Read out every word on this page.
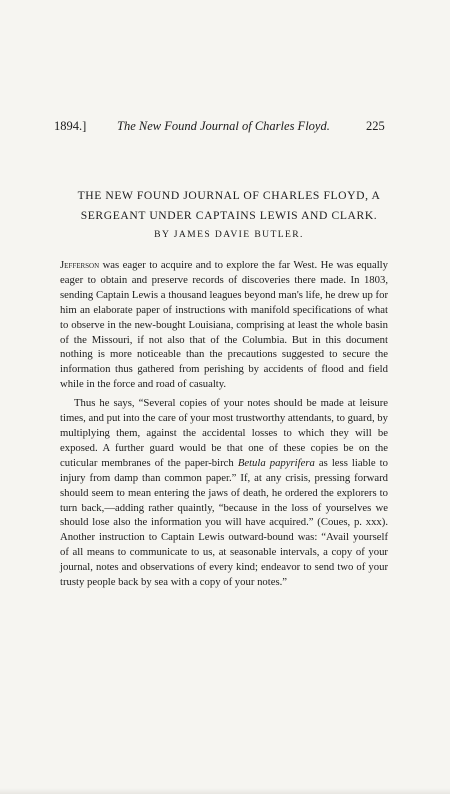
1894.] The New Found Journal of Charles Floyd.	225
THE NEW FOUND JOURNAL OF CHARLES FLOYD, A SERGEANT UNDER CAPTAINS LEWIS AND CLARK.
BY JAMES DAVIE BUTLER.

Jefferson was eager to acquire and to explore the far West. He was equally eager to obtain and preserve records of discoveries there made. In 1803, sending Captain Lewis a thousand leagues beyond man's life, he drew up for him an elaborate paper of instructions with manifold specifications of what to observe in the new-bought Louisiana, comprising at least the whole basin of the Missouri, if not also that of the Columbia. But in this document nothing is more noticeable than the precautions suggested to secure the information thus gathered from perishing by accidents of flood and field while in the force and road of casualty.

Thus he says, “Several copies of your notes should be made at leisure times, and put into the care of your most trustworthy attendants, to guard, by multiplying them, against the accidental losses to which they will be exposed. A further guard would be that one of these copies be on the cuticular membranes of the paper-birch Betula papyrifera as less liable to injury from damp than common paper.” If, at any crisis, pressing forward should seem to mean entering the jaws of death, he ordered the explorers to turn back,—adding rather quaintly, “because in the loss of yourselves we should lose also the information you will have acquired.” (Coues, p. xxx). Another instruction to Captain Lewis outward-bound was: “Avail yourself of all means to communicate to us, at seasonable intervals, a copy of your journal, notes and observations of every kind; endeavor to send two of your trusty people back by sea with a copy of your notes.”
